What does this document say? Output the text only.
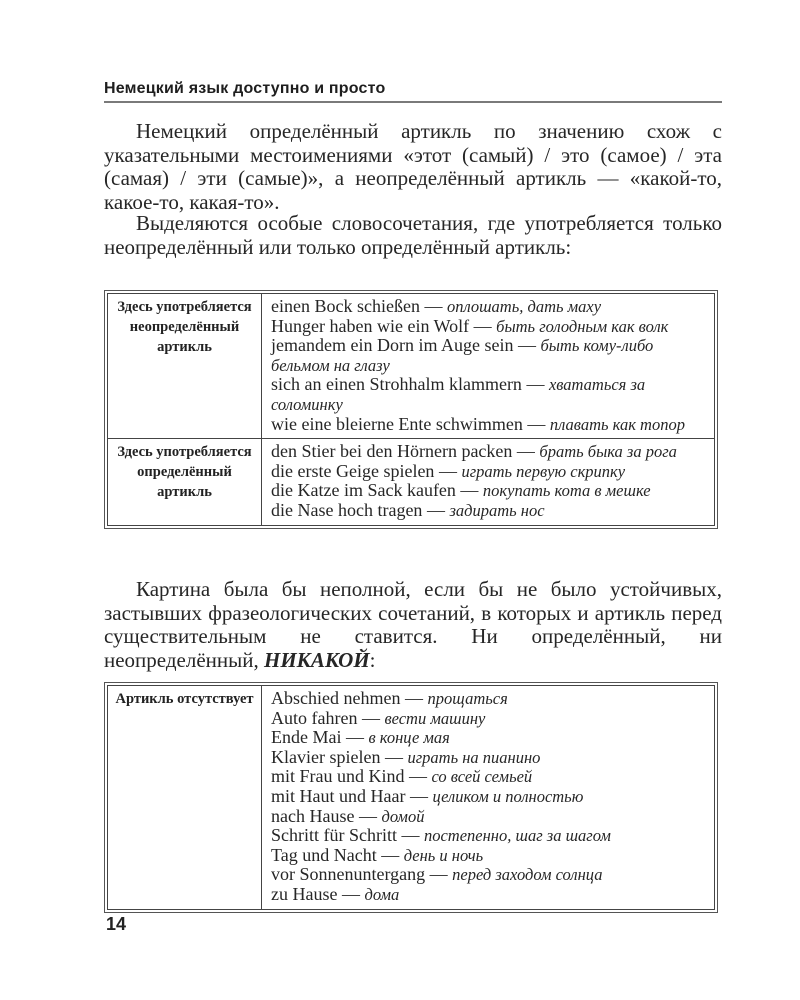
Немецкий язык доступно и просто

Немецкий определённый артикль по значению схож с указательными местоимениями «этот (самый) / это (самое) / эта (самая) / эти (самые)», а неопределённый артикль — «какой-то, какое-то, какая-то».

Выделяются особые словосочетания, где употребляется только неопределённый или только определённый артикль:

Здесь употребляется неопределённый артикль
einen Bock schießen — оплошать, дать маху
Hunger haben wie ein Wolf — быть голодным как волк
jemandem ein Dorn im Auge sein — быть кому-либо бельмом на глазу
sich an einen Strohhalm klammern — хвататься за соломинку
wie eine bleierne Ente schwimmen — плавать как топор
Здесь употребляется определённый артикль
den Stier bei den Hörnern packen — брать быка за рога
die erste Geige spielen — играть первую скрипку
die Katze im Sack kaufen — покупать кота в мешке
die Nase hoch tragen — задирать нос

Картина была бы неполной, если бы не было устойчивых, застывших фразеологических сочетаний, в которых и артикль перед существительным не ставится. Ни определённый, ни неопределённый, НИКАКОЙ:

Артикль отсутствует Abschied nehmen — прощаться
Auto fahren — вести машину
Ende Mai — в конце мая
Klavier spielen — играть на пианино
mit Frau und Kind — со всей семьей
mit Haut und Haar — целиком и полностью
nach Hause — домой
Schritt für Schritt — постепенно, шаг за шагом
Tag und Nacht — день и ночь
vor Sonnenuntergang — перед заходом солнца
zu Hause — дома
14
